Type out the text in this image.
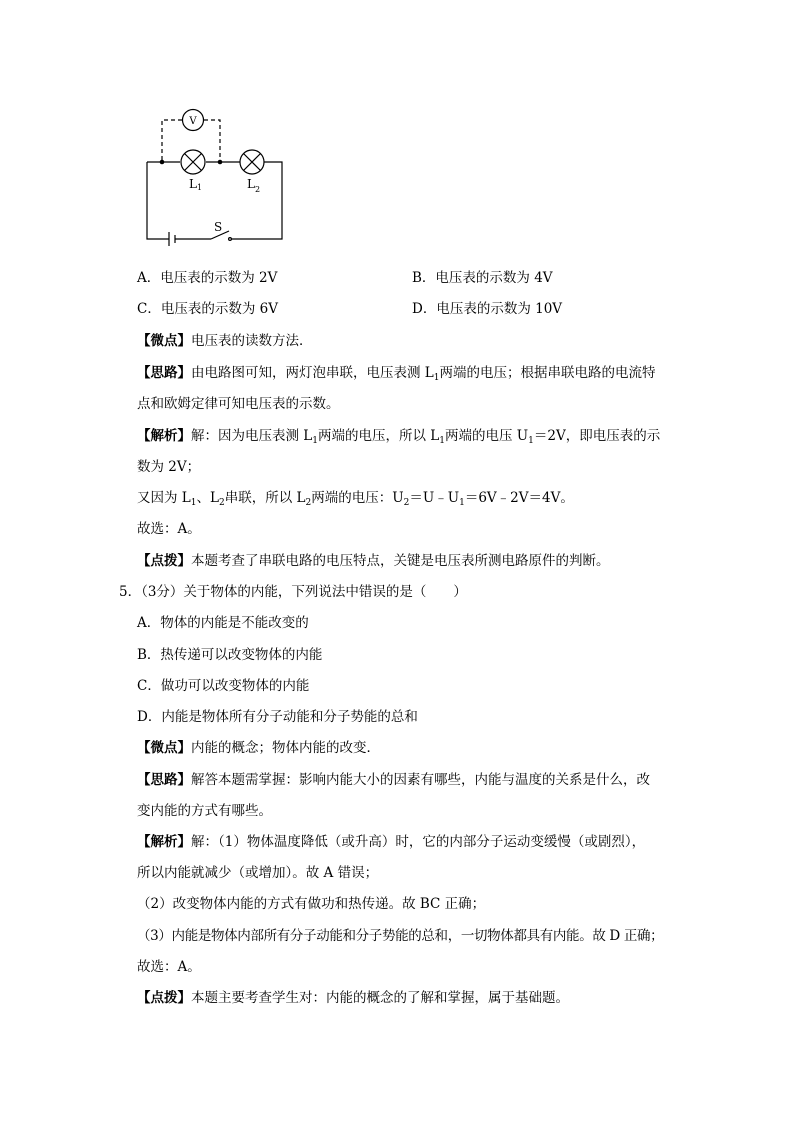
V
L1	$L_2$
S
A．电压表的示数为 2V	B．电压表的示数为 4V
C．电压表的示数为 6V	D．电压表的示数为 10V
【微点】电压表的读数方法．
【思路】由电路图可知，两灯泡串联，电压表测 $L_1$两端的电压；根据串联电路的电流特
点和欧姆定律可知电压表的示数。
【解析】解：因为电压表测 $L_1$两端的电压，所以 $L_1$两端的电压 $U_1=2V$，即电压表的示
数为 2V；
又因为 $L_1$、$L_2$串联，所以 $L_2$两端的电压：$U_2=U﹣U_1=6V﹣2V=4V$。
故选：A。
【点拨】本题考查了串联电路的电压特点，关键是电压表所测电路原件的判断。
5．（3分）关于物体的内能，下列说法中错误的是（　　）
A．物体的内能是不能改变的
B．热传递可以改变物体的内能
C．做功可以改变物体的内能
D．内能是物体所有分子动能和分子势能的总和
【微点】内能的概念；物体内能的改变．
【思路】解答本题需掌握：影响内能大小的因素有哪些，内能与温度的关系是什么，改
变内能的方式有哪些。
【解析】解：（1）物体温度降低（或升高）时，它的内部分子运动变缓慢（或剧烈），
所以内能就减少（或增加）。故 A 错误；
（2）改变物体内能的方式有做功和热传递。故 BC 正确；
（3）内能是物体内部所有分子动能和分子势能的总和，一切物体都具有内能。故 D 正确；
故选：A。
【点拨】本题主要考查学生对：内能的概念的了解和掌握，属于基础题。
